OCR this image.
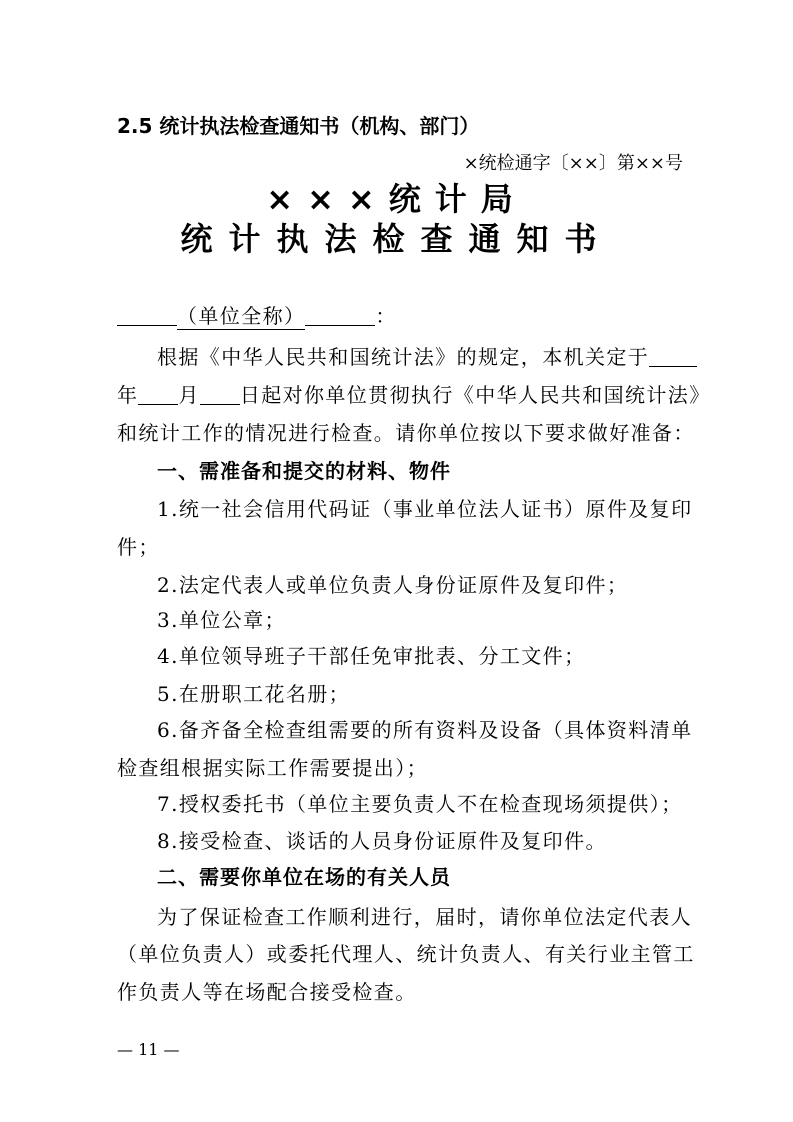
2.5 统计执法检查通知书（机构、部门）
×统检通字〔××〕第××号
×××统计局
统计执法检查通知书
（单位全称）	：
根据《中华人民共和国统计法》的规定，本机关定于
年 月 日起对你单位贯彻执行《中华人民共和国统计法》
和统计工作的情况进行检查。请你单位按以下要求做好准备：
一、需准备和提交的材料、物件
1.统一社会信用代码证（事业单位法人证书）原件及复印
件；
2.法定代表人或单位负责人身份证原件及复印件；
3.单位公章；
4.单位领导班子干部任免审批表、分工文件；
5.在册职工花名册；
6.备齐备全检查组需要的所有资料及设备（具体资料清单
检查组根据实际工作需要提出）；
7.授权委托书（单位主要负责人不在检查现场须提供）；
8.接受检查、谈话的人员身份证原件及复印件。
二、需要你单位在场的有关人员
为了保证检查工作顺利进行，届时，请你单位法定代表人
（单位负责人）或委托代理人、统计负责人、有关行业主管工
作负责人等在场配合接受检查。
— 11 —
